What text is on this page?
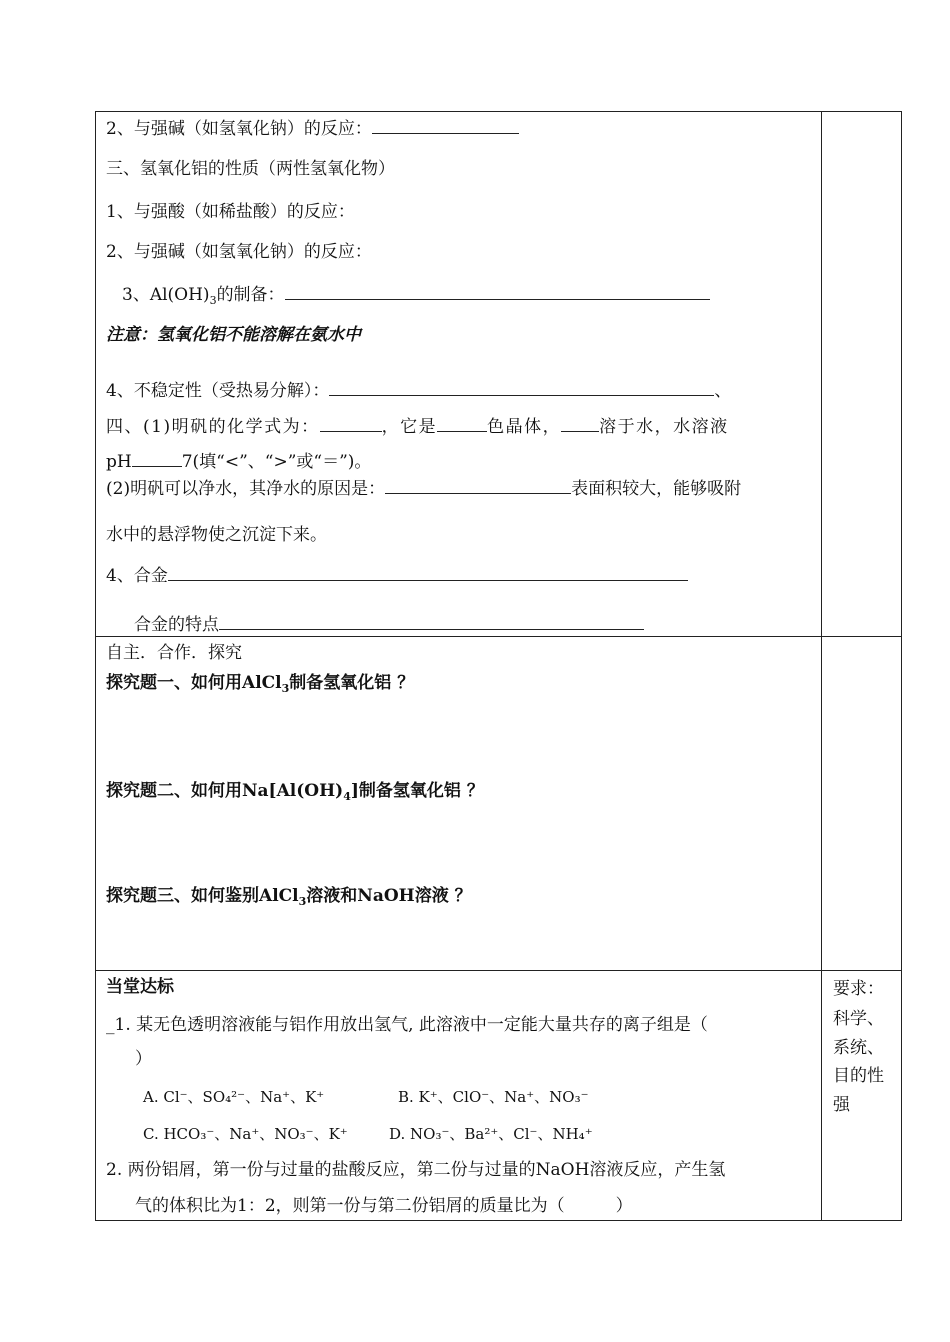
2、与强碱（如氢氧化钠）的反应：
三、氢氧化铝的性质（两性氢氧化物）
1、与强酸（如稀盐酸）的反应：
2、与强碱（如氢氧化钠）的反应：
3、$Al(OH)_3$的制备：
注意：氢氧化铝不能溶解在氨水中
4、不稳定性（受热易分解）：	、
四、(1)明矾的化学式为：	，它是	色晶体， 溶于水，水溶液
pH	7(填“<”、“>”或“＝”)。
(2)明矾可以净水，其净水的原因是：	表面积较大，能够吸附
水中的悬浮物使之沉淀下来。
4、合金
合金的特点
自主．合作．探究
探究题一、如何用AlCl$_3$制备氢氧化铝 ？
探究题二、如何用$Na[Al(OH)_4]$制备氢氧化铝 ？
探究题三、如何鉴别AlCl$_3$溶液和NaOH溶液 ？
当堂达标
_1. 某无色透明溶液能与铝作用放出氢气, 此溶液中一定能大量共存的离子组是（
）
A. Cl⁻、SO₄²⁻、Na⁺、K⁺	B. K⁺、ClO⁻、Na⁺、NO₃⁻
C. HCO₃⁻、Na⁺、NO₃⁻、K⁺	D. NO₃⁻、Ba²⁺、Cl⁻、NH₄⁺
2. 两份铝屑，第一份与过量的盐酸反应，第二份与过量的NaOH溶液反应，产生氢
气的体积比为1：2，则第一份与第二份铝屑的质量比为（　　　）
要求：
科学、
系统、
目的性
强
